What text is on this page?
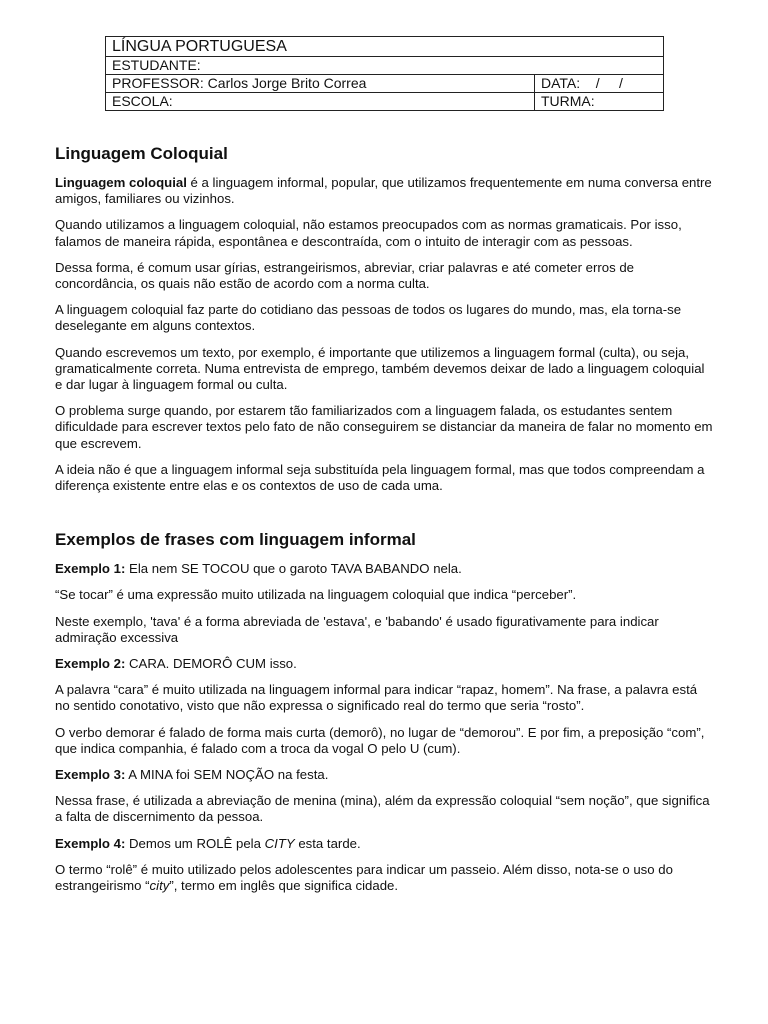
LÍNGUA PORTUGUESA	
ESTUDANTE:	
PROFESSOR: Carlos Jorge Brito Correa	DATA:    /     /
ESCOLA:	TURMA:
Linguagem Coloquial

Linguagem coloquial é a linguagem informal, popular, que utilizamos frequentemente em numa conversa entre amigos, familiares ou vizinhos.

Quando utilizamos a linguagem coloquial, não estamos preocupados com as normas gramaticais. Por isso, falamos de maneira rápida, espontânea e descontraída, com o intuito de interagir com as pessoas.

Dessa forma, é comum usar gírias, estrangeirismos, abreviar, criar palavras e até cometer erros de concordância, os quais não estão de acordo com a norma culta.

A linguagem coloquial faz parte do cotidiano das pessoas de todos os lugares do mundo, mas, ela torna-se deselegante em alguns contextos.

Quando escrevemos um texto, por exemplo, é importante que utilizemos a linguagem formal (culta), ou seja, gramaticalmente correta. Numa entrevista de emprego, também devemos deixar de lado a linguagem coloquial e dar lugar à linguagem formal ou culta.

O problema surge quando, por estarem tão familiarizados com a linguagem falada, os estudantes sentem dificuldade para escrever textos pelo fato de não conseguirem se distanciar da maneira de falar no momento em que escrevem.

A ideia não é que a linguagem informal seja substituída pela linguagem formal, mas que todos compreendam a diferença existente entre elas e os contextos de uso de cada uma.

Exemplos de frases com linguagem informal

Exemplo 1: Ela nem SE TOCOU que o garoto TAVA BABANDO nela.

“Se tocar” é uma expressão muito utilizada na linguagem coloquial que indica “perceber”.

Neste exemplo, 'tava' é a forma abreviada de 'estava', e 'babando' é usado figurativamente para indicar admiração excessiva

Exemplo 2: CARA. DEMORÔ CUM isso.

A palavra “cara” é muito utilizada na linguagem informal para indicar “rapaz, homem”. Na frase, a palavra está no sentido conotativo, visto que não expressa o significado real do termo que seria “rosto”.

O verbo demorar é falado de forma mais curta (demorô), no lugar de “demorou”. E por fim, a preposição “com”, que indica companhia, é falado com a troca da vogal O pelo U (cum).

Exemplo 3: A MINA foi SEM NOÇÃO na festa.

Nessa frase, é utilizada a abreviação de menina (mina), além da expressão coloquial “sem noção”, que significa a falta de discernimento da pessoa.

Exemplo 4: Demos um ROLÊ pela CITY esta tarde.

O termo “rolê” é muito utilizado pelos adolescentes para indicar um passeio. Além disso, nota-se o uso do estrangeirismo “city”, termo em inglês que significa cidade.
